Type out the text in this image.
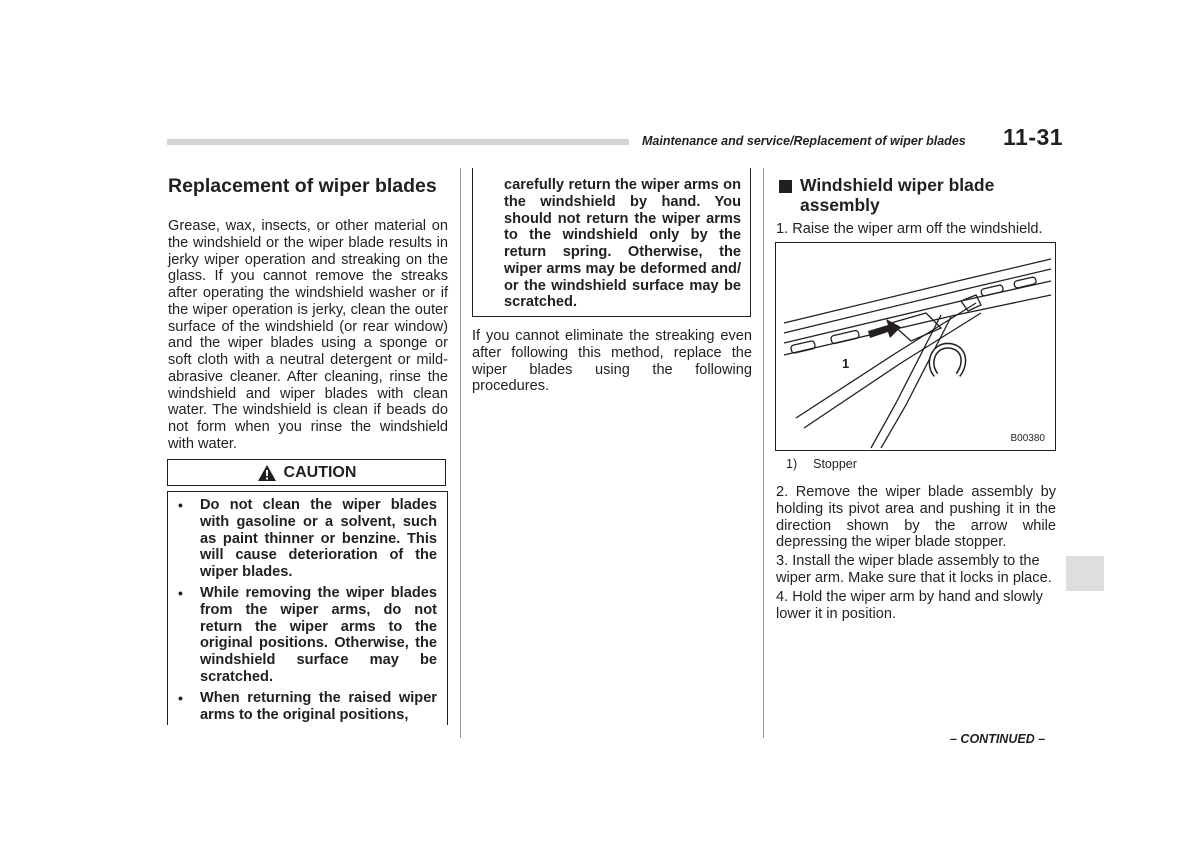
Maintenance and service/Replacement of wiper blades 11-31
Replacement of wiper blades

Grease, wax, insects, or other material on the windshield or the wiper blade results in jerky wiper operation and streaking on the glass. If you cannot remove the streaks after operating the windshield washer or if the wiper operation is jerky, clean the outer surface of the windshield (or rear window) and the wiper blades using a sponge or soft cloth with a neutral detergent or mild-abrasive cleaner. After cleaning, rinse the windshield and wiper blades with clean water. The windshield is clean if beads do not form when you rinse the windshield with water.

CAUTION
• Do not clean the wiper blades with gasoline or a solvent, such as paint thinner or benzine. This will cause deterioration of the wiper blades.

• While removing the wiper blades from the wiper arms, do not return the wiper arms to the original positions. Otherwise, the windshield surface may be scratched.

• When returning the raised wiper arms to the original positions,

carefully return the wiper arms on the windshield by hand. You should not return the wiper arms to the windshield only by the return spring. Otherwise, the wiper arms may be deformed and/ or the windshield surface may be scratched.

If you cannot eliminate the streaking even after following this method, replace the wiper blades using the following procedures.

Windshield wiper blade assembly

1. Raise the wiper arm off the windshield.

1
B00380
1) Stopper

2. Remove the wiper blade assembly by holding its pivot area and pushing it in the direction shown by the arrow while depressing the wiper blade stopper.

3. Install the wiper blade assembly to the wiper arm. Make sure that it locks in place.

4. Hold the wiper arm by hand and slowly lower it in position.

– CONTINUED –
